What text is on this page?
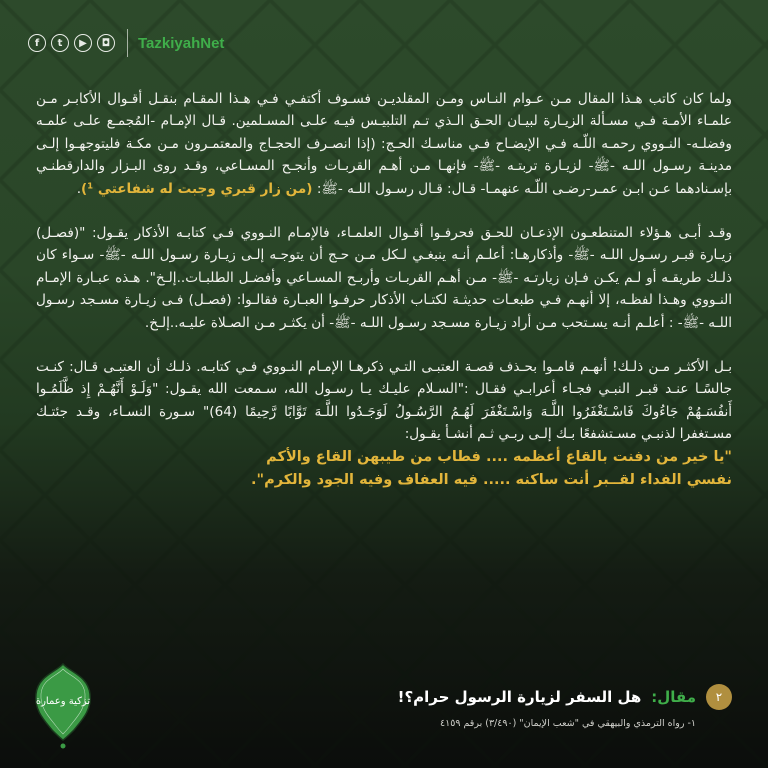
f	t	▶	◘	TazkiyahNet

ولما كان كاتب هـذا المقال مـن عـوام النـاس ومـن المقلديـن فسـوف أكتفـي فـي هـذا المقـام بنقـل أقـوال الأكابـر مـن علمـاء الأمـة فـي مسـألة الزيـارة لبيـان الحـق الـذي تـم التلبيـس فيـه علـى المسـلمين. قـال الإمـام -المُجمـع علـى علمـه وفضلـه- النـووي رحمـه اللّـه فـي الإيضـاح فـي مناسـك الحـج: (إذا انصـرف الحجـاج والمعتمـرون مـن مكـة فليتوجهـوا إلـى مدينـة رسـول اللـه -ﷺ- لزيـارة تربتـه -ﷺ- فإنهـا مـن أهـم القربـات وأنجـح المسـاعي، وقـد روى البـزار والدارقطنـي بإسـنادهما عـن ابـن عمـر-رضـى اللّـه عنهمـا- قـال: قـال رسـول اللـه -ﷺ: (من زار قبري وجبت له شفاعتي ¹).

وقـد أبـى هـؤلاء المتنطعـون الإذعـان للحـق فحرفـوا أقـوال العلمـاء، فالإمـام النـووي فـي كتابـه الأذكار يقـول: "(فصـل) زيـارة قبـر رسـول اللـه -ﷺ- وأذكارهـا: أعلـم أنـه ينبغـي لـكل مـن حـج أن يتوجـه إلـى زيـارة رسـول اللـه -ﷺ- سـواء كان ذلـك طريقـه أو لـم يكـن فـإن زيارتـه -ﷺ- مـن أهـم القربـات وأربـح المسـاعي وأفضـل الطلبـات..إلـخ". هـذه عبـارة الإمـام النـووي وهـذا لفظـه، إلا أنهـم فـي طبعـات حديثـة لكتـاب الأذكار حرفـوا العبـارة فقالـوا: (فصـل) فـى زيـارة مسـجد رسـول اللـه -ﷺ- : أعلـم أنـه يسـتحب مـن أراد زيـارة مسـجد رسـول اللـه -ﷺ- أن يكثـر مـن الصـلاة عليـه..إلـخ.

بـل الأكثـر مـن ذلـك! أنهـم قامـوا بحـذف قصـة العتبـى التـي ذكرهـا الإمـام النـووي فـي كتابـه. ذلـك أن العتبـى قـال: كنـت جالسًـا عنـد قبـر النبـي فجـاء أعرابـي فقـال :"السـلام عليـك يـا رسـول الله، سـمعت الله يقـول: "وَلَـوْ أَنَّهُـمْ إِذ ظَّلَمُـوا أَنفُسَـهُمْ جَاءُوكَ فَاسْـتَغْفَرُوا اللَّـهَ وَاسْـتَغْفَرَ لَهُـمُ الرَّسُـولُ لَوَجَـدُوا اللَّـهَ تَوَّابًا رَّحِيمًا (64)" سـورة النسـاء، وقـد جئتـك مسـتغفرا لذنبـي مسـتشفعًا بـك إلـى ربـي ثـم أنشـأ يقـول:

"يا خير من دفنت بالقاع أعظمه .... فطاب من طيبهن القاع والأكم
نفسي الفداء لقــبر أنت ساكنه ..... فيه العفاف وفيه الجود والكرم".
تزكية وعمارة	٢
مقال:
هل السفر لزيارة الرسول حرام؟!
١- رواه الترمذي والبيهقي في "شعب الإيمان" (٣/٤٩٠) برقم ٤١٥٩
